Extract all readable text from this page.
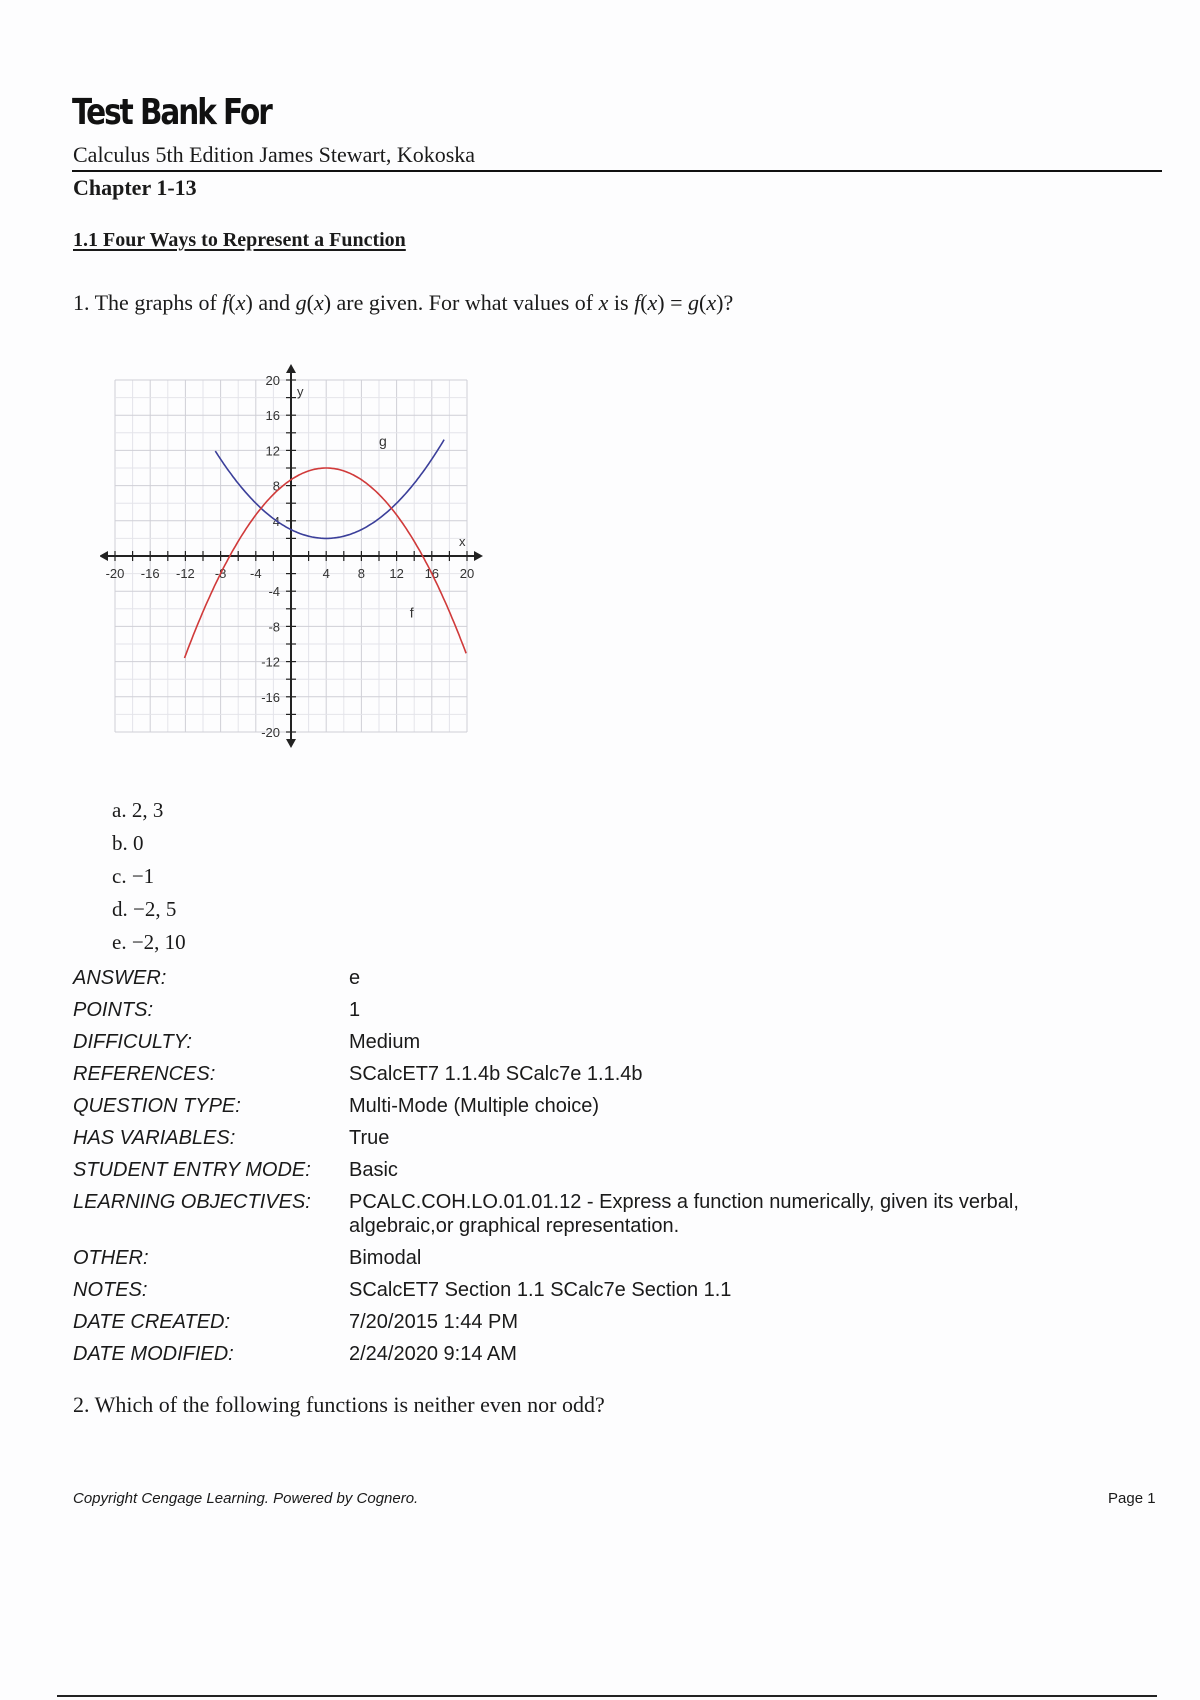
Test Bank For
Calculus 5th Edition James Stewart, Kokoska
Chapter 1-13
1.1 Four Ways to Represent a Function
1. The graphs of f(x) and g(x) are given. For what values of x is f(x) = g(x)?
-20 -16 -12 -8 -4	4 8 12 16 20
20
16
12
8
4
-4
-8
-12
-16
-20
x
y
g
f
a. 2, 3
b. 0
c. −1
d. −2, 5
e. −2, 10
ANSWER:	e
POINTS:	1
DIFFICULTY:	Medium
REFERENCES:	SCalcET7 1.1.4b SCalc7e 1.1.4b
QUESTION TYPE:	Multi-Mode (Multiple choice)
HAS VARIABLES:	True
STUDENT ENTRY MODE:	Basic
LEARNING OBJECTIVES:	PCALC.COH.LO.01.01.12 - Express a function numerically, given its verbal, algebraic,or graphical representation.
OTHER:	Bimodal
NOTES:	SCalcET7 Section 1.1 SCalc7e Section 1.1
DATE CREATED:	7/20/2015 1:44 PM
DATE MODIFIED:	2/24/2020 9:14 AM
2. Which of the following functions is neither even nor odd?
Copyright Cengage Learning. Powered by Cognero.	Page 1
